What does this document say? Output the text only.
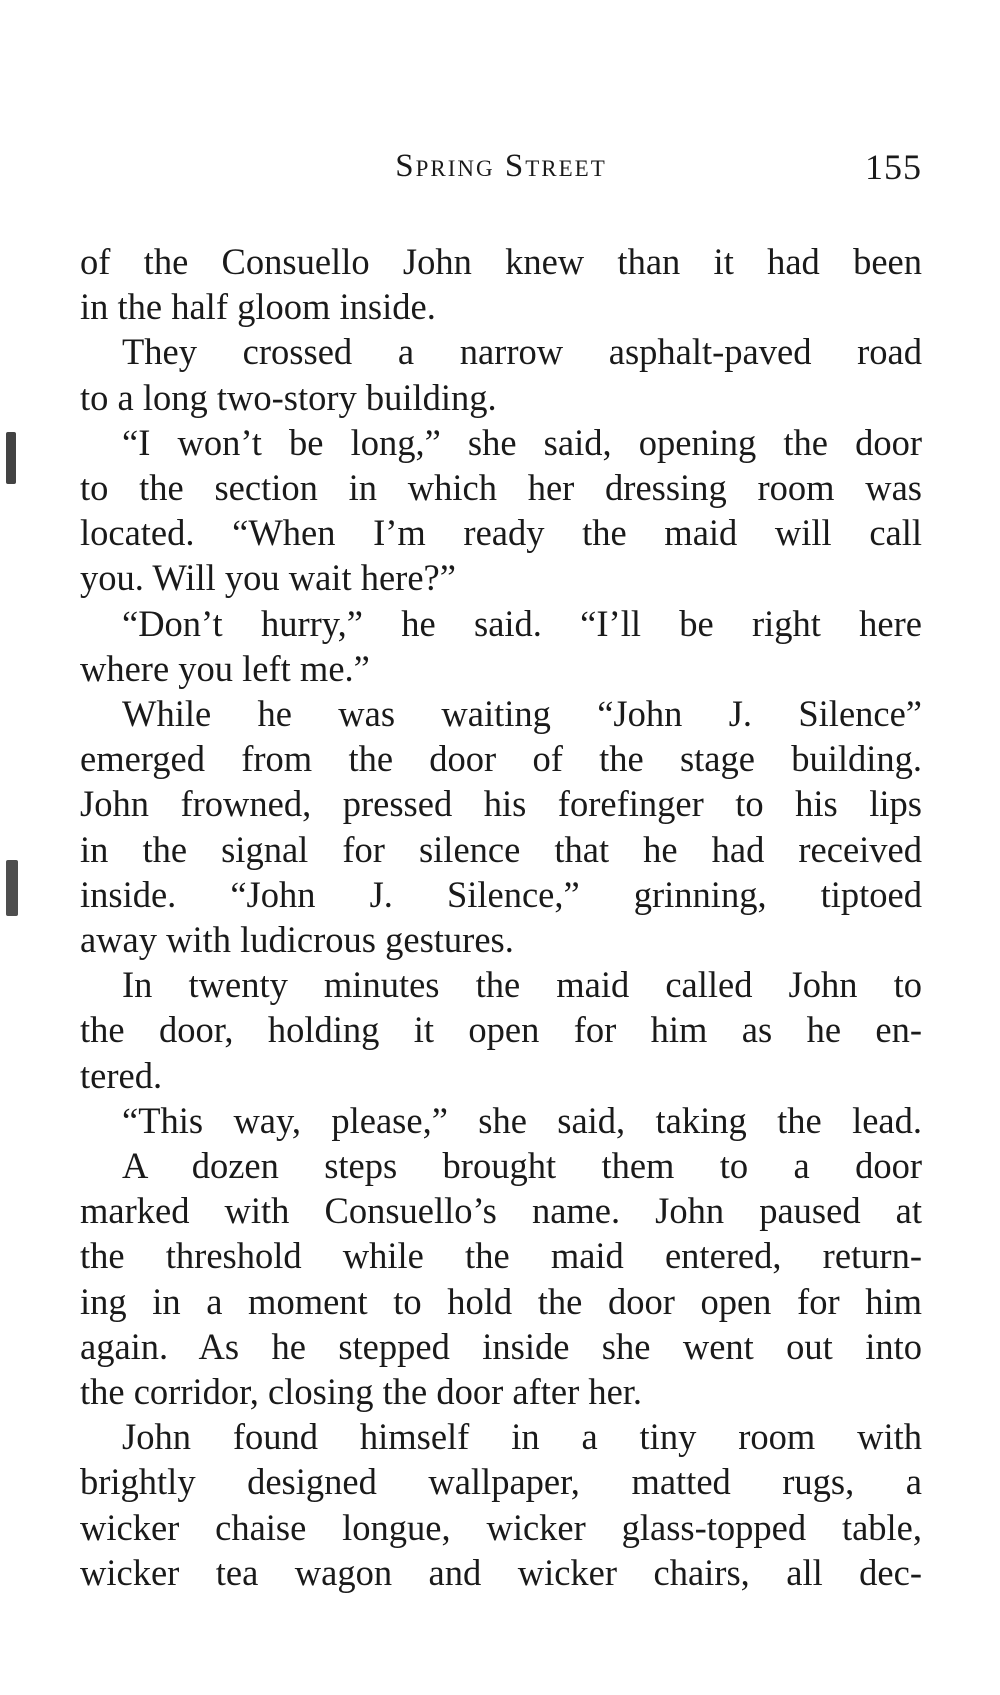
Spring Street	155
of the Consuello John knew than it had been
in the half gloom inside.
They crossed a narrow asphalt-paved road
to a long two-story building.
“I won’t be long,” she said, opening the door
to the section in which her dressing room was
located. “When I’m ready the maid will call
you. Will you wait here?”
“Don’t hurry,” he said. “I’ll be right here
where you left me.”
While he was waiting “John J. Silence”
emerged from the door of the stage building.
John frowned, pressed his forefinger to his lips
in the signal for silence that he had received
inside. “John J. Silence,” grinning, tiptoed
away with ludicrous gestures.
In twenty minutes the maid called John to
the door, holding it open for him as he en-
tered.
“This way, please,” she said, taking the lead.
A dozen steps brought them to a door
marked with Consuello’s name. John paused at
the threshold while the maid entered, return-
ing in a moment to hold the door open for him
again. As he stepped inside she went out into
the corridor, closing the door after her.
John found himself in a tiny room with
brightly designed wallpaper, matted rugs, a
wicker chaise longue, wicker glass-topped table,
wicker tea wagon and wicker chairs, all dec-
